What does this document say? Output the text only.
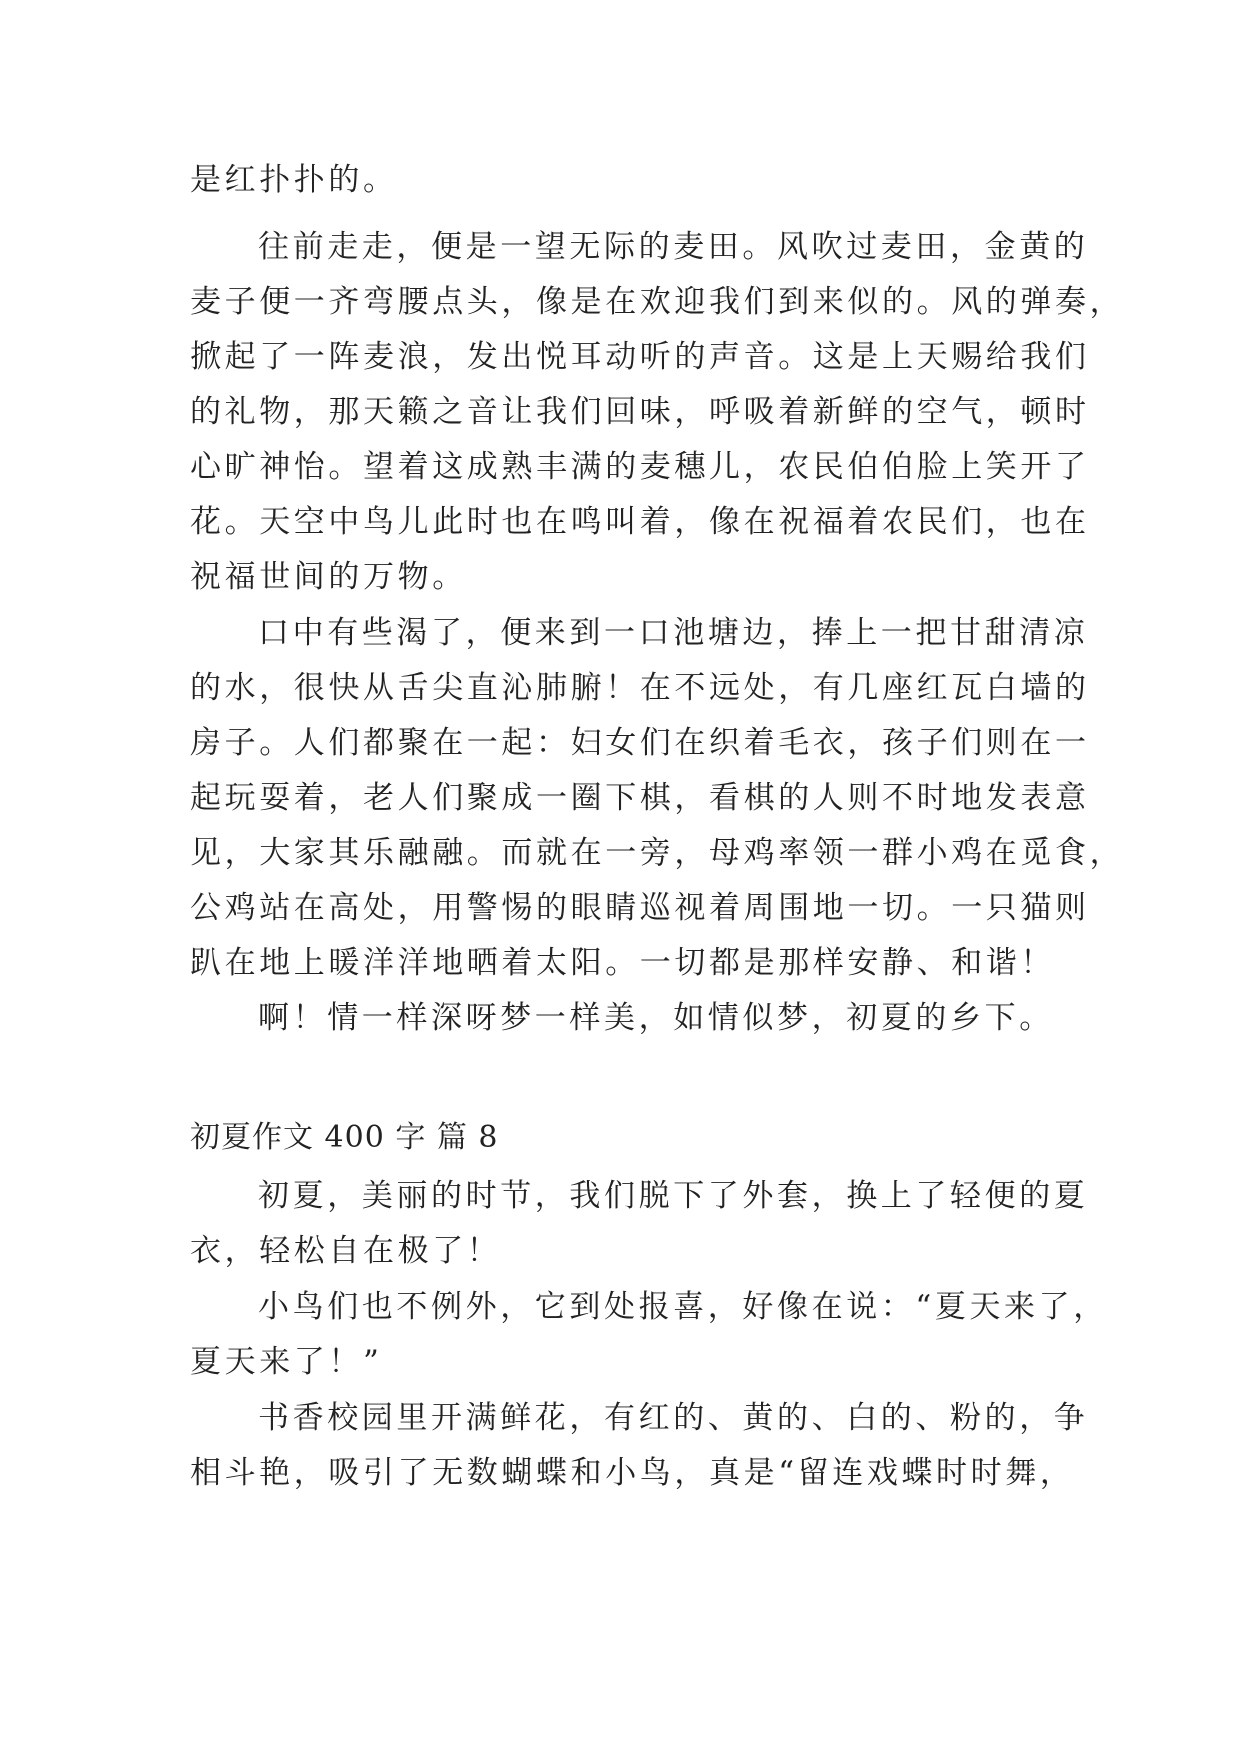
是红扑扑的。
往前走走，便是一望无际的麦田。风吹过麦田，金黄的
麦子便一齐弯腰点头，像是在欢迎我们到来似的。风的弹奏，
掀起了一阵麦浪，发出悦耳动听的声音。这是上天赐给我们
的礼物，那天籁之音让我们回味，呼吸着新鲜的空气，顿时
心旷神怡。望着这成熟丰满的麦穗儿，农民伯伯脸上笑开了
花。天空中鸟儿此时也在鸣叫着，像在祝福着农民们，也在
祝福世间的万物。
口中有些渴了，便来到一口池塘边，捧上一把甘甜清凉
的水，很快从舌尖直沁肺腑！在不远处，有几座红瓦白墙的
房子。人们都聚在一起：妇女们在织着毛衣，孩子们则在一
起玩耍着，老人们聚成一圈下棋，看棋的人则不时地发表意
见，大家其乐融融。而就在一旁，母鸡率领一群小鸡在觅食，
公鸡站在高处，用警惕的眼睛巡视着周围地一切。一只猫则
趴在地上暖洋洋地晒着太阳。一切都是那样安静、和谐！
啊！情一样深呀梦一样美，如情似梦，初夏的乡下。
初夏作文 400 字 篇 8
初夏，美丽的时节，我们脱下了外套，换上了轻便的夏
衣，轻松自在极了！
小鸟们也不例外，它到处报喜，好像在说：“夏天来了，
夏天来了！”
书香校园里开满鲜花，有红的、黄的、白的、粉的，争
相斗艳，吸引了无数蝴蝶和小鸟，真是“留连戏蝶时时舞，
